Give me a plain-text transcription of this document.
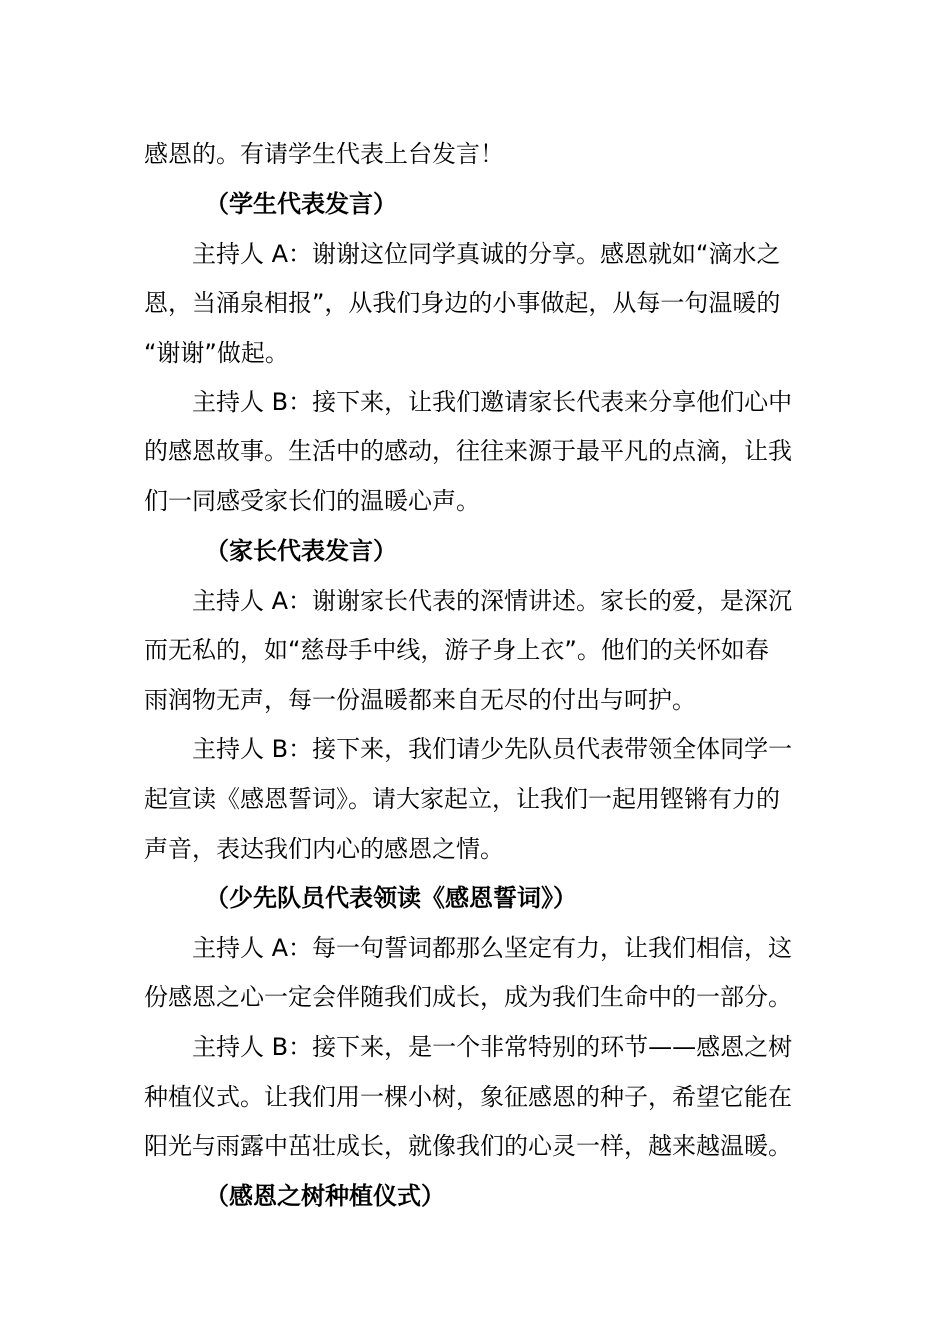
感恩的。有请学生代表上台发言！

（学生代表发言）

主持人 A：谢谢这位同学真诚的分享。感恩就如“滴水之

恩，当涌泉相报”，从我们身边的小事做起，从每一句温暖的

“谢谢”做起。

主持人 B：接下来，让我们邀请家长代表来分享他们心中

的感恩故事。生活中的感动，往往来源于最平凡的点滴，让我

们一同感受家长们的温暖心声。

（家长代表发言）

主持人 A：谢谢家长代表的深情讲述。家长的爱，是深沉

而无私的，如“慈母手中线，游子身上衣”。他们的关怀如春

雨润物无声，每一份温暖都来自无尽的付出与呵护。

主持人 B：接下来，我们请少先队员代表带领全体同学一

起宣读《感恩誓词》。请大家起立，让我们一起用铿锵有力的

声音，表达我们内心的感恩之情。

（少先队员代表领读《感恩誓词》）

主持人 A：每一句誓词都那么坚定有力，让我们相信，这

份感恩之心一定会伴随我们成长，成为我们生命中的一部分。

主持人 B：接下来，是一个非常特别的环节——感恩之树

种植仪式。让我们用一棵小树，象征感恩的种子，希望它能在

阳光与雨露中茁壮成长，就像我们的心灵一样，越来越温暖。

（感恩之树种植仪式）
